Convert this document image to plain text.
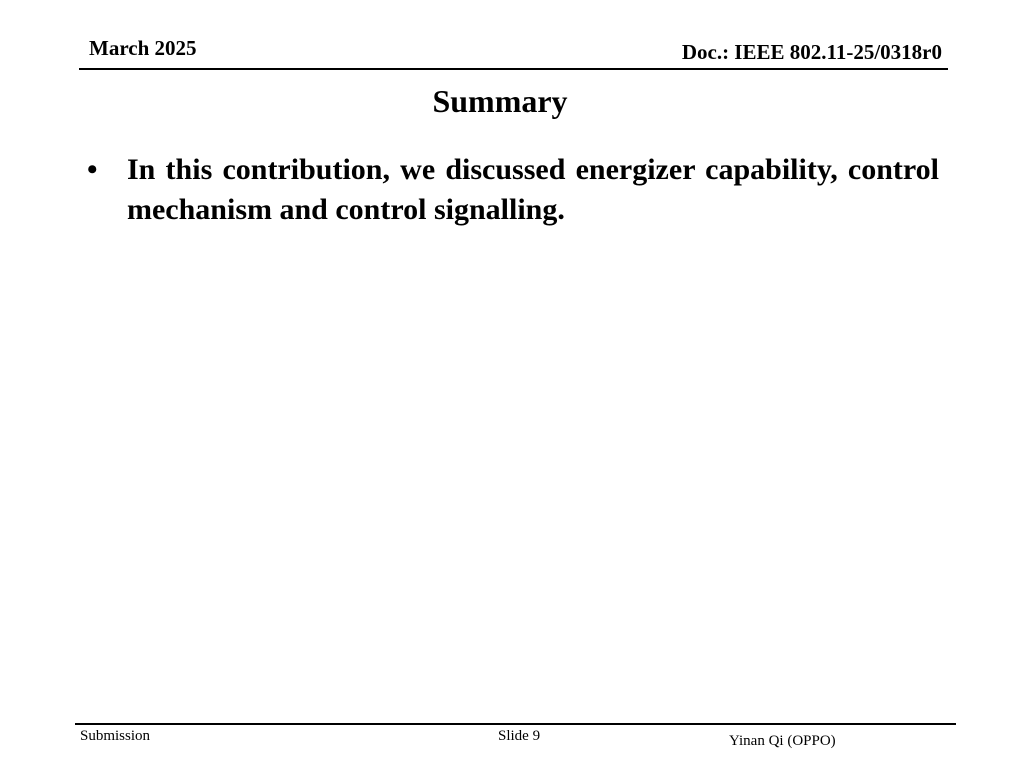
March 2025	Doc.: IEEE 802.11-25/0318r0
Summary
• In this contribution, we discussed energizer capability, control mechanism and control signalling.
Submission	Slide 9	Yinan Qi (OPPO)
